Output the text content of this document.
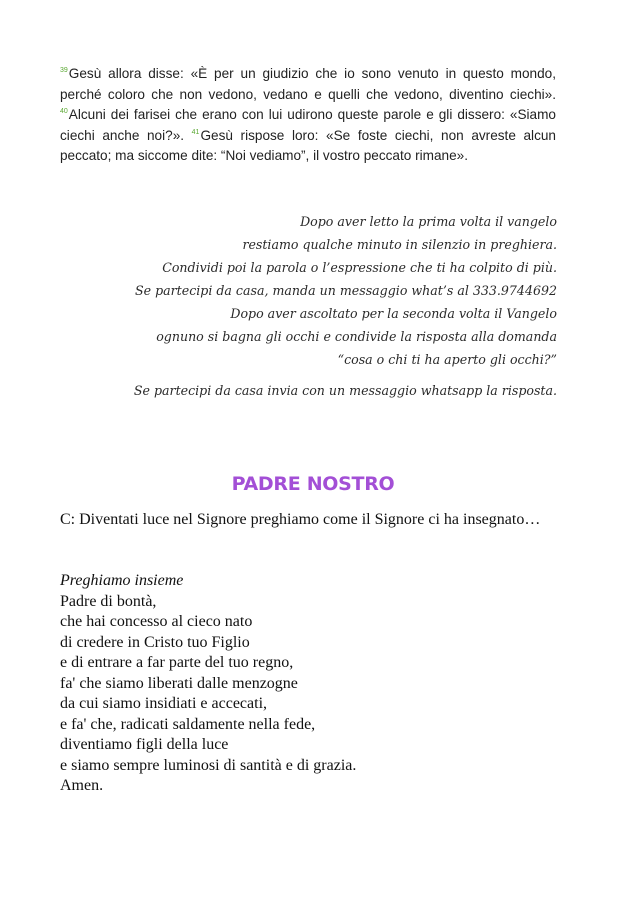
$^{39}$Gesù allora disse: «È per un giudizio che io sono venuto in questo mondo, perché coloro che non vedono, vedano e quelli che vedono, diventino ciechi». $^{40}$Alcuni dei farisei che erano con lui udirono queste parole e gli dissero: «Siamo ciechi anche noi?». $^{41}$Gesù rispose loro: «Se foste ciechi, non avreste alcun peccato; ma siccome dite: “Noi vediamo”, il vostro peccato rimane».
Dopo aver letto la prima volta il vangelo
restiamo qualche minuto in silenzio in preghiera.
Condividi poi la parola o l’espressione che ti ha colpito di più.
Se partecipi da casa, manda un messaggio what’s al 333.9744692
Dopo aver ascoltato per la seconda volta il Vangelo
ognuno si bagna gli occhi e condivide la risposta alla domanda
“cosa o chi ti ha aperto gli occhi?”
Se partecipi da casa invia con un messaggio whatsapp la risposta.
PADRE NOSTRO
C: Diventati luce nel Signore preghiamo come il Signore ci ha insegnato…
Preghiamo insieme
Padre di bontà,
che hai concesso al cieco nato
di credere in Cristo tuo Figlio
e di entrare a far parte del tuo regno,
fa' che siamo liberati dalle menzogne
da cui siamo insidiati e accecati,
e fa' che, radicati saldamente nella fede,
diventiamo figli della luce
e siamo sempre luminosi di santità e di grazia.
Amen.
